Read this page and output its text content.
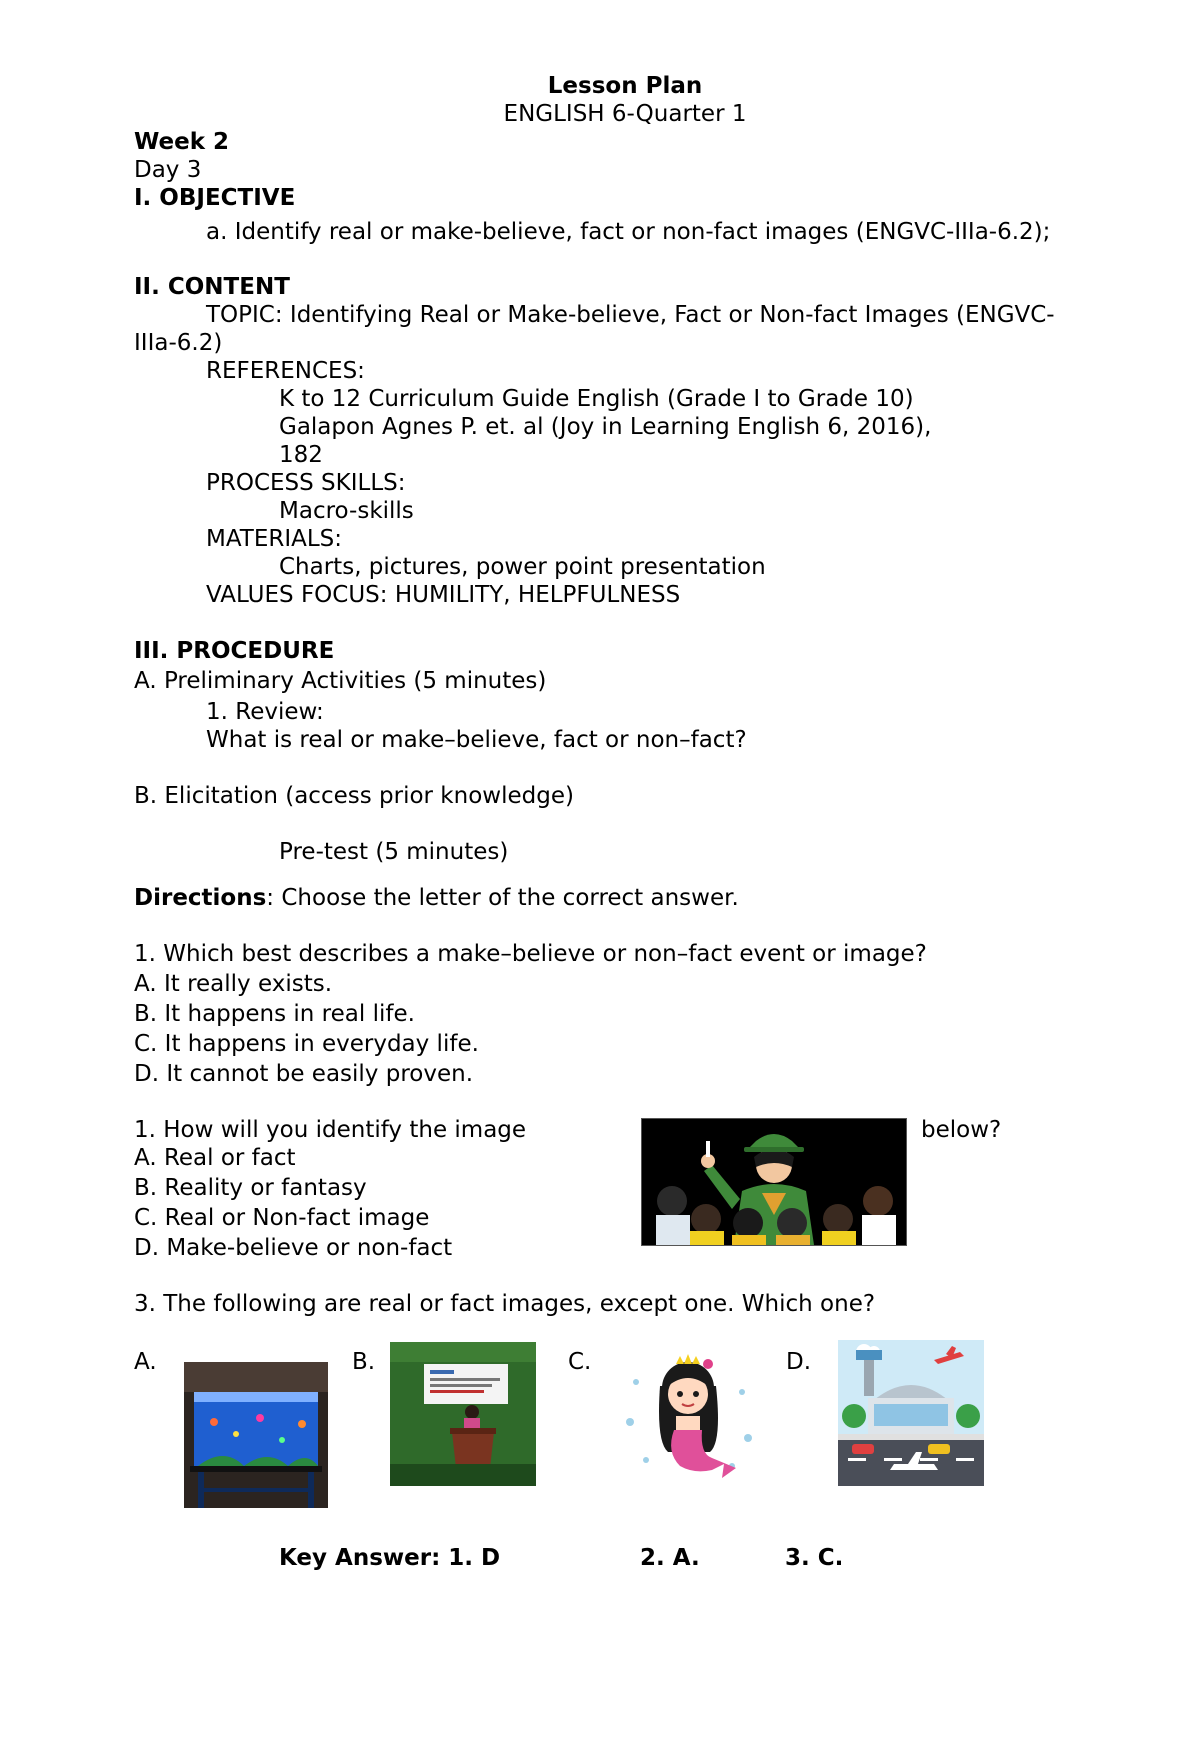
Lesson Plan
ENGLISH 6-Quarter 1
Week 2
Day 3
I. OBJECTIVE
a. Identify real or make-believe, fact or non-fact images (ENGVC-IIIa-6.2);
II. CONTENT
TOPIC: Identifying Real or Make-believe, Fact or Non-fact Images (ENGVC-
IIIa-6.2)
REFERENCES:
K to 12 Curriculum Guide English (Grade I to Grade 10)
Galapon Agnes P. et. al (Joy in Learning English 6, 2016),
182
PROCESS SKILLS:
Macro-skills
MATERIALS:
Charts, pictures, power point presentation
VALUES FOCUS: HUMILITY, HELPFULNESS
III. PROCEDURE
A. Preliminary Activities (5 minutes)
1. Review:
What is real or make–believe, fact or non–fact?
B. Elicitation (access prior knowledge)
Pre-test (5 minutes)
Directions: Choose the letter of the correct answer.
1. Which best describes a make–believe or non–fact event or image?
A. It really exists.
B. It happens in real life.
C. It happens in everyday life.
D. It cannot be easily proven.
1. How will you identify the image	below?
A. Real or fact
B. Reality or fantasy
C. Real or Non-fact image
D. Make-believe or non-fact
3. The following are real or fact images, except one. Which one?
A.	B.	C.	D.
Key Answer: 1. D	2. A.	3. C.
